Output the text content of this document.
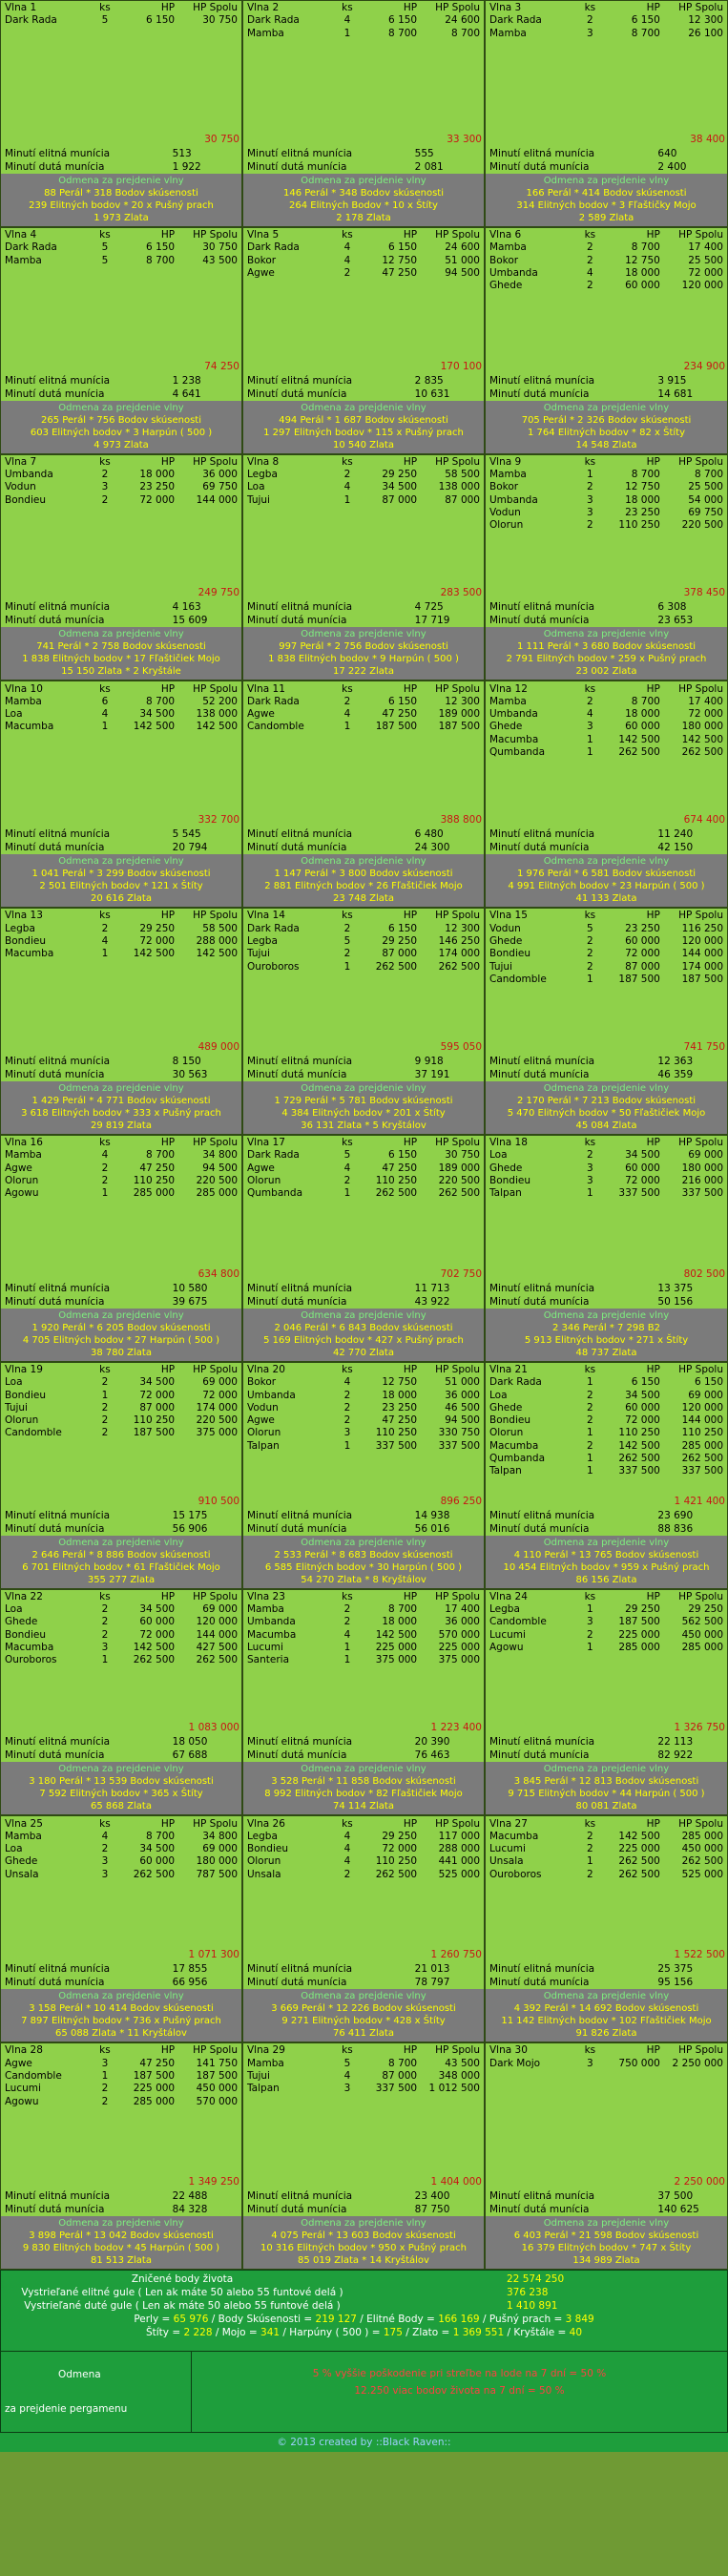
Vlna 1	ks	HP	HP Spolu
Dark Rada	5	6 150	30 750
30 750
Minutí elitná munícia	513
Minutí dutá munícia	1 922
Odmena za prejdenie vlny
88 Perál * 318 Bodov skúsenosti
239 Elitných bodov * 20 x Pušný prach
1 973 Zlata
Vlna 2	ks	HP	HP Spolu
Dark Rada	4	6 150	24 600
Mamba	1	8 700	8 700
33 300
Minutí elitná munícia	555
Minutí dutá munícia	2 081
Odmena za prejdenie vlny
146 Perál * 348 Bodov skúsenosti
264 Elitných Bodov * 10 x Štíty
2 178 Zlata
Vlna 3	ks	HP	HP Spolu
Dark Rada	2	6 150	12 300
Mamba	3	8 700	26 100
38 400
Minutí elitná munícia	640
Minutí dutá munícia	2 400
Odmena za prejdenie vlny
166 Perál * 414 Bodov skúsenosti
314 Elitných bodov * 3 Fľaštičky Mojo
2 589 Zlata
Vlna 4	ks	HP	HP Spolu
Dark Rada	5	6 150	30 750
Mamba	5	8 700	43 500
74 250
Minutí elitná munícia	1 238
Minutí dutá munícia	4 641
Odmena za prejdenie vlny
265 Perál * 756 Bodov skúsenosti
603 Elitných bodov * 3 Harpún ( 500 )
4 973 Zlata
Vlna 5	ks	HP	HP Spolu
Dark Rada	4	6 150	24 600
Bokor	4	12 750	51 000
Agwe	2	47 250	94 500
170 100
Minutí elitná munícia	2 835
Minutí dutá munícia	10 631
Odmena za prejdenie vlny
494 Perál * 1 687 Bodov skúsenosti
1 297 Elitných bodov * 115 x Pušný prach
10 540 Zlata
Vlna 6	ks	HP	HP Spolu
Mamba	2	8 700	17 400
Bokor	2	12 750	25 500
Umbanda	4	18 000	72 000
Ghede	2	60 000	120 000
234 900
Minutí elitná munícia	3 915
Minutí dutá munícia	14 681
Odmena za prejdenie vlny
705 Perál * 2 326 Bodov skúsenosti
1 764 Elitných bodov * 82 x Štíty
14 548 Zlata
Vlna 7	ks	HP	HP Spolu
Umbanda	2	18 000	36 000
Vodun	3	23 250	69 750
Bondieu	2	72 000	144 000
249 750
Minutí elitná munícia	4 163
Minutí dutá munícia	15 609
Odmena za prejdenie vlny
741 Perál * 2 758 Bodov skúsenosti
1 838 Elitných bodov * 17 Fľaštičiek Mojo
15 150 Zlata * 2 Kryštále
Vlna 8	ks	HP	HP Spolu
Legba	2	29 250	58 500
Loa	4	34 500	138 000
Tujui	1	87 000	87 000
283 500
Minutí elitná munícia	4 725
Minutí dutá munícia	17 719
Odmena za prejdenie vlny
997 Perál * 2 756 Bodov skúsenosti
1 838 Elitných bodov * 9 Harpún ( 500 )
17 222 Zlata
Vlna 9	ks	HP	HP Spolu
Mamba	1	8 700	8 700
Bokor	2	12 750	25 500
Umbanda	3	18 000	54 000
Vodun	3	23 250	69 750
Olorun	2	110 250	220 500
378 450
Minutí elitná munícia	6 308
Minutí dutá munícia	23 653
Odmena za prejdenie vlny
1 111 Perál * 3 680 Bodov skúsenosti
2 791 Elitných bodov * 259 x Pušný prach
23 002 Zlata
Vlna 10	ks	HP	HP Spolu
Mamba	6	8 700	52 200
Loa	4	34 500	138 000
Macumba	1	142 500	142 500
332 700
Minutí elitná munícia	5 545
Minutí dutá munícia	20 794
Odmena za prejdenie vlny
1 041 Perál * 3 299 Bodov skúsenosti
2 501 Elitných bodov * 121 x Štíty
20 616 Zlata
Vlna 11	ks	HP	HP Spolu
Dark Rada	2	6 150	12 300
Agwe	4	47 250	189 000
Candomble	1	187 500	187 500
388 800
Minutí elitná munícia	6 480
Minutí dutá munícia	24 300
Odmena za prejdenie vlny
1 147 Perál * 3 800 Bodov skúsenosti
2 881 Elitných bodov * 26 Fľaštičiek Mojo
23 748 Zlata
Vlna 12	ks	HP	HP Spolu
Mamba	2	8 700	17 400
Umbanda	4	18 000	72 000
Ghede	3	60 000	180 000
Macumba	1	142 500	142 500
Qumbanda	1	262 500	262 500
674 400
Minutí elitná munícia	11 240
Minutí dutá munícia	42 150
Odmena za prejdenie vlny
1 976 Perál * 6 581 Bodov skúsenosti
4 991 Elitných bodov * 23 Harpún ( 500 )
41 133 Zlata
Vlna 13	ks	HP	HP Spolu
Legba	2	29 250	58 500
Bondieu	4	72 000	288 000
Macumba	1	142 500	142 500
489 000
Minutí elitná munícia	8 150
Minutí dutá munícia	30 563
Odmena za prejdenie vlny
1 429 Perál * 4 771 Bodov skúsenosti
3 618 Elitných bodov * 333 x Pušný prach
29 819 Zlata
Vlna 14	ks	HP	HP Spolu
Dark Rada	2	6 150	12 300
Legba	5	29 250	146 250
Tujui	2	87 000	174 000
Ouroboros	1	262 500	262 500
595 050
Minutí elitná munícia	9 918
Minutí dutá munícia	37 191
Odmena za prejdenie vlny
1 729 Perál * 5 781 Bodov skúsenosti
4 384 Elitných bodov * 201 x Štíty
36 131 Zlata * 5 Kryštálov
Vlna 15	ks	HP	HP Spolu
Vodun	5	23 250	116 250
Ghede	2	60 000	120 000
Bondieu	2	72 000	144 000
Tujui	2	87 000	174 000
Candomble	1	187 500	187 500
741 750
Minutí elitná munícia	12 363
Minutí dutá munícia	46 359
Odmena za prejdenie vlny
2 170 Perál * 7 213 Bodov skúsenosti
5 470 Elitných bodov * 50 Fľaštičiek Mojo
45 084 Zlata
Vlna 16	ks	HP	HP Spolu
Mamba	4	8 700	34 800
Agwe	2	47 250	94 500
Olorun	2	110 250	220 500
Agowu	1	285 000	285 000
634 800
Minutí elitná munícia	10 580
Minutí dutá munícia	39 675
Odmena za prejdenie vlny
1 920 Perál * 6 205 Bodov skúsenosti
4 705 Elitných bodov * 27 Harpún ( 500 )
38 780 Zlata
Vlna 17	ks	HP	HP Spolu
Dark Rada	5	6 150	30 750
Agwe	4	47 250	189 000
Olorun	2	110 250	220 500
Qumbanda	1	262 500	262 500
702 750
Minutí elitná munícia	11 713
Minutí dutá munícia	43 922
Odmena za prejdenie vlny
2 046 Perál * 6 843 Bodov skúsenosti
5 169 Elitných bodov * 427 x Pušný prach
42 770 Zlata
Vlna 18	ks	HP	HP Spolu
Loa	2	34 500	69 000
Ghede	3	60 000	180 000
Bondieu	3	72 000	216 000
Talpan	1	337 500	337 500
802 500
Minutí elitná munícia	13 375
Minutí dutá munícia	50 156
Odmena za prejdenie vlny
2 346 Perál * 7 298 B2
5 913 Elitných bodov * 271 x Štíty
48 737 Zlata
Vlna 19	ks	HP	HP Spolu
Loa	2	34 500	69 000
Bondieu	1	72 000	72 000
Tujui	2	87 000	174 000
Olorun	2	110 250	220 500
Candomble	2	187 500	375 000
910 500
Minutí elitná munícia	15 175
Minutí dutá munícia	56 906
Odmena za prejdenie vlny
2 646 Perál * 8 886 Bodov skúsenosti
6 701 Elitných bodov * 61 Fľaštičiek Mojo
355 277 Zlata
Vlna 20	ks	HP	HP Spolu
Bokor	4	12 750	51 000
Umbanda	2	18 000	36 000
Vodun	2	23 250	46 500
Agwe	2	47 250	94 500
Olorun	3	110 250	330 750
Talpan	1	337 500	337 500
896 250
Minutí elitná munícia	14 938
Minutí dutá munícia	56 016
Odmena za prejdenie vlny
2 533 Perál * 8 683 Bodov skúsenosti
6 585 Elitných bodov * 30 Harpún ( 500 )
54 270 Zlata * 8 Kryštálov
Vlna 21	ks	HP	HP Spolu
Dark Rada	1	6 150	6 150
Loa	2	34 500	69 000
Ghede	2	60 000	120 000
Bondieu	2	72 000	144 000
Olorun	1	110 250	110 250
Macumba	2	142 500	285 000
Qumbanda	1	262 500	262 500
Talpan	1	337 500	337 500
1 421 400
Minutí elitná munícia	23 690
Minutí dutá munícia	88 836
Odmena za prejdenie vlny
4 110 Perál * 13 765 Bodov skúsenosti
10 454 Elitných bodov * 959 x Pušný prach
86 156 Zlata
Vlna 22	ks	HP	HP Spolu
Loa	2	34 500	69 000
Ghede	2	60 000	120 000
Bondieu	2	72 000	144 000
Macumba	3	142 500	427 500
Ouroboros	1	262 500	262 500
1 083 000
Minutí elitná munícia	18 050
Minutí dutá munícia	67 688
Odmena za prejdenie vlny
3 180 Perál * 13 539 Bodov skúsenosti
7 592 Elitných bodov * 365 x Štíty
65 868 Zlata
Vlna 23	ks	HP	HP Spolu
Mamba	2	8 700	17 400
Umbanda	2	18 000	36 000
Macumba	4	142 500	570 000
Lucumi	1	225 000	225 000
Santeria	1	375 000	375 000
1 223 400
Minutí elitná munícia	20 390
Minutí dutá munícia	76 463
Odmena za prejdenie vlny
3 528 Perál * 11 858 Bodov skúsenosti
8 992 Elitných bodov * 82 Fľaštičiek Mojo
74 114 Zlata
Vlna 24	ks	HP	HP Spolu
Legba	1	29 250	29 250
Candomble	3	187 500	562 500
Lucumi	2	225 000	450 000
Agowu	1	285 000	285 000
1 326 750
Minutí elitná munícia	22 113
Minutí dutá munícia	82 922
Odmena za prejdenie vlny
3 845 Perál * 12 813 Bodov skúsenosti
9 715 Elitných bodov * 44 Harpún ( 500 )
80 081 Zlata
Vlna 25	ks	HP	HP Spolu
Mamba	4	8 700	34 800
Loa	2	34 500	69 000
Ghede	3	60 000	180 000
Unsala	3	262 500	787 500
1 071 300
Minutí elitná munícia	17 855
Minutí dutá munícia	66 956
Odmena za prejdenie vlny
3 158 Perál * 10 414 Bodov skúsenosti
7 897 Elitných bodov * 736 x Pušný prach
65 088 Zlata * 11 Kryštálov
Vlna 26	ks	HP	HP Spolu
Legba	4	29 250	117 000
Bondieu	4	72 000	288 000
Olorun	4	110 250	441 000
Unsala	2	262 500	525 000
1 260 750
Minutí elitná munícia	21 013
Minutí dutá munícia	78 797
Odmena za prejdenie vlny
3 669 Perál * 12 226 Bodov skúsenosti
9 271 Elitných bodov * 428 x Štíty
76 411 Zlata
Vlna 27	ks	HP	HP Spolu
Macumba	2	142 500	285 000
Lucumi	2	225 000	450 000
Unsala	1	262 500	262 500
Ouroboros	2	262 500	525 000
1 522 500
Minutí elitná munícia	25 375
Minutí dutá munícia	95 156
Odmena za prejdenie vlny
4 392 Perál * 14 692 Bodov skúsenosti
11 142 Elitných bodov * 102 Fľaštičiek Mojo
91 826 Zlata
Vlna 28	ks	HP	HP Spolu
Agwe	3	47 250	141 750
Candomble	1	187 500	187 500
Lucumi	2	225 000	450 000
Agowu	2	285 000	570 000
1 349 250
Minutí elitná munícia	22 488
Minutí dutá munícia	84 328
Odmena za prejdenie vlny
3 898 Perál * 13 042 Bodov skúsenosti
9 830 Elitných bodov * 45 Harpún ( 500 )
81 513 Zlata
Vlna 29	ks	HP	HP Spolu
Mamba	5	8 700	43 500
Tujui	4	87 000	348 000
Talpan	3	337 500	1 012 500
1 404 000
Minutí elitná munícia	23 400
Minutí dutá munícia	87 750
Odmena za prejdenie vlny
4 075 Perál * 13 603 Bodov skúsenosti
10 316 Elitných bodov * 950 x Pušný prach
85 019 Zlata * 14 Kryštálov
Vlna 30	ks	HP	HP Spolu
Dark Mojo	3	750 000	2 250 000
2 250 000
Minutí elitná munícia	37 500
Minutí dutá munícia	140 625
Odmena za prejdenie vlny
6 403 Perál * 21 598 Bodov skúsenosti
16 379 Elitných bodov * 747 x Štíty
134 989 Zlata
Zničené body života	22 574 250
Vystrieľané elitné gule ( Len ak máte 50 alebo 55 funtové delá )	376 238
Vystrieľané duté gule ( Len ak máte 50 alebo 55 funtové delá )	1 410 891
Perly = 65 976 / Body Skúsenosti = 219 127 / Elitné Body = 166 169 / Pušný prach = 3 849
Štíty = 2 228 / Mojo = 341 / Harpúny ( 500 ) = 175 / Zlato = 1 369 551 / Kryštále = 40
Odmena
za prejdenie pergamenu
5 % vyššie poškodenie pri streľbe na lode na 7 dní = 50 %
12.250 viac bodov života na 7 dní = 50 %
© 2013 created by ::Black Raven::
